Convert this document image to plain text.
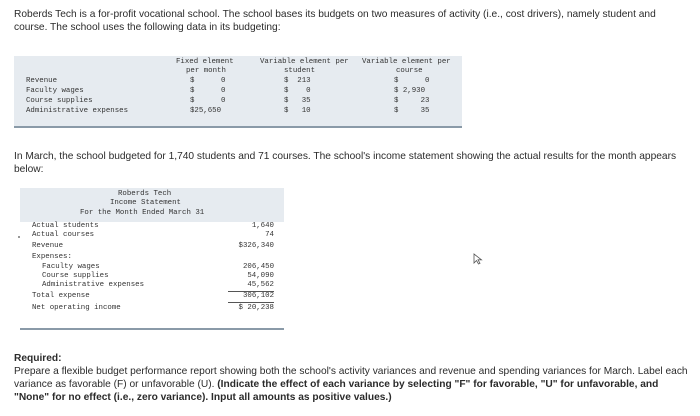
Roberds Tech is a for-profit vocational school. The school bases its budgets on two measures of activity (i.e., cost drivers), namely student and course. The school uses the following data in its budgeting:

Fixed element
per month
Variable element per
student
Variable element per
course
Revenue	$      0	$  213	$      0
Faculty wages	$      0	$    0	$ 2,930
Course supplies	$      0	$   35	$     23
Administrative expenses	$25,650	$   10	$     35

In March, the school budgeted for 1,740 students and 71 courses. The school's income statement showing the actual results for the month appears below:

Roberds Tech
Income Statement
For the Month Ended March 31
Actual students	1,640
Actual courses	74
Revenue	$326,340
Expenses:
Faculty wages	206,450
Course supplies	54,090
Administrative expenses	45,562
Total expense	306,102
Net operating income	$ 20,238
Required:

Prepare a flexible budget performance report showing both the school's activity variances and revenue and spending variances for March. Label each variance as favorable (F) or unfavorable (U). (Indicate the effect of each variance by selecting "F" for favorable, "U" for unfavorable, and "None" for no effect (i.e., zero variance). Input all amounts as positive values.)
